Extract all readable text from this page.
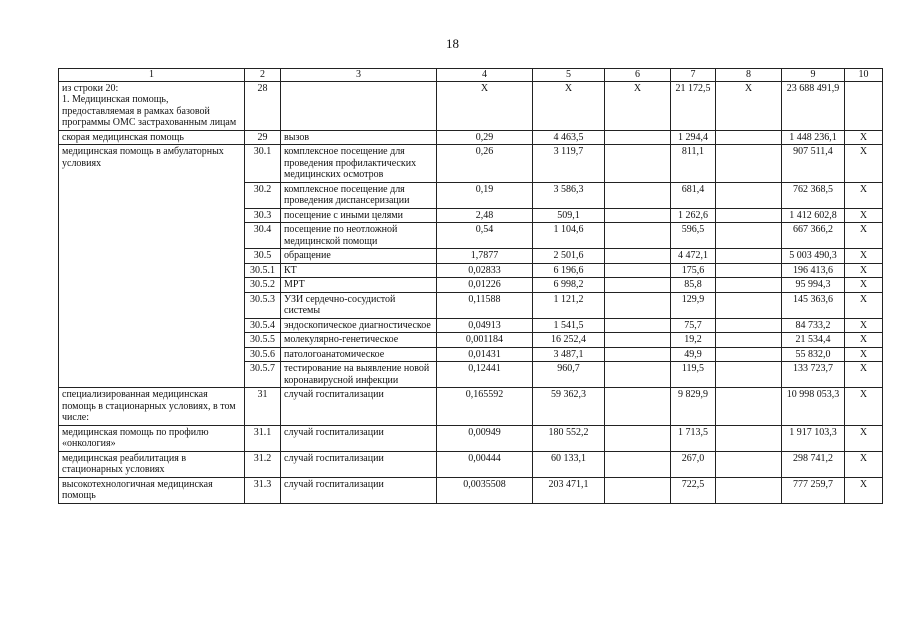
18
1	2	3	4	5	6	7	8	9	10
из строки 20:
1. Медицинская помощь, предоставляемая в рамках базовой программы ОМС застрахованным лицам	28		Х	Х	Х	21 172,5	Х	23 688 491,9	
скорая медицинская помощь	29	вызов	0,29	4 463,5		1 294,4		1 448 236,1	Х
медицинская помощь в амбулаторных условиях	30.1	комплексное посещение для проведения профилактических медицинских осмотров	0,26	3 119,7		811,1		907 511,4	Х
	30.2	комплексное посещение для проведения диспансеризации	0,19	3 586,3		681,4		762 368,5	Х
	30.3	посещение с иными целями	2,48	509,1		1 262,6		1 412 602,8	Х
	30.4	посещение по неотложной медицинской помощи	0,54	1 104,6		596,5		667 366,2	Х
	30.5	обращение	1,7877	2 501,6		4 472,1		5 003 490,3	Х
	30.5.1	КТ	0,02833	6 196,6		175,6		196 413,6	Х
	30.5.2	МРТ	0,01226	6 998,2		85,8		95 994,3	Х
	30.5.3	УЗИ сердечно-сосудистой системы	0,11588	1 121,2		129,9		145 363,6	Х
	30.5.4	эндоскопическое диагностическое	0,04913	1 541,5		75,7		84 733,2	Х
	30.5.5	молекулярно-генетическое	0,001184	16 252,4		19,2		21 534,4	Х
	30.5.6	патологоанатомическое	0,01431	3 487,1		49,9		55 832,0	Х
	30.5.7	тестирование на выявление новой коронавирусной инфекции	0,12441	960,7		119,5		133 723,7	Х
специализированная медицинская помощь в стационарных условиях, в том числе:	31	случай госпитализации	0,165592	59 362,3		9 829,9		10 998 053,3	Х
медицинская помощь по профилю «онкология»	31.1	случай госпитализации	0,00949	180 552,2		1 713,5		1 917 103,3	Х
медицинская реабилитация в стационарных условиях	31.2	случай госпитализации	0,00444	60 133,1		267,0		298 741,2	Х
высокотехнологичная медицинская помощь	31.3	случай госпитализации	0,0035508	203 471,1		722,5		777 259,7	Х
